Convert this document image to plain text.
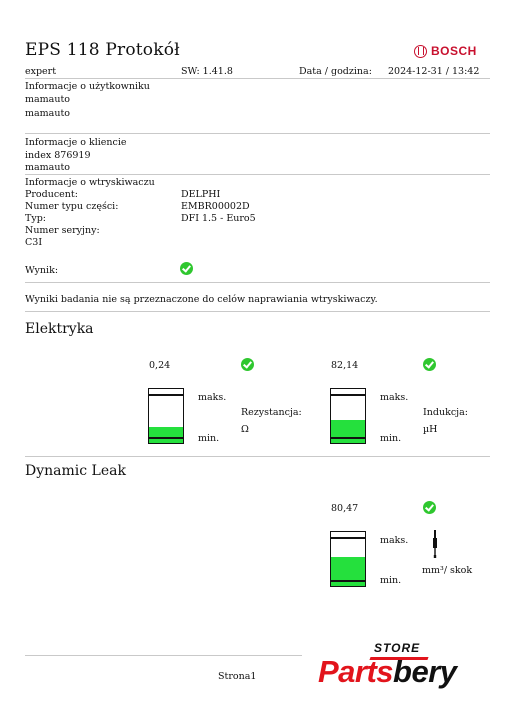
EPS 118 Protokół	BOSCH
expert	SW: 1.41.8	Data / godzina: 2024-12-31 / 13:42
Informacje o użytkowniku
mamauto
mamauto
Informacje o kliencie
index 876919
mamauto
Informacje o wtryskiwaczu
Producent:	DELPHI
Numer typu części:	EMBR00002D
Typ:	DFI 1.5 - Euro5
Numer seryjny:
C3I
Wynik:
Wyniki badania nie są przeznaczone do celów naprawiania wtryskiwaczy.
Elektryka
0,24
maks.
min.
Rezystancja:
Ω
82,14
maks.
min.
Indukcja:
µH
Dynamic Leak
80,47
maks.
min.
mm³/ skok
Strona1
STORE
Partsbery
